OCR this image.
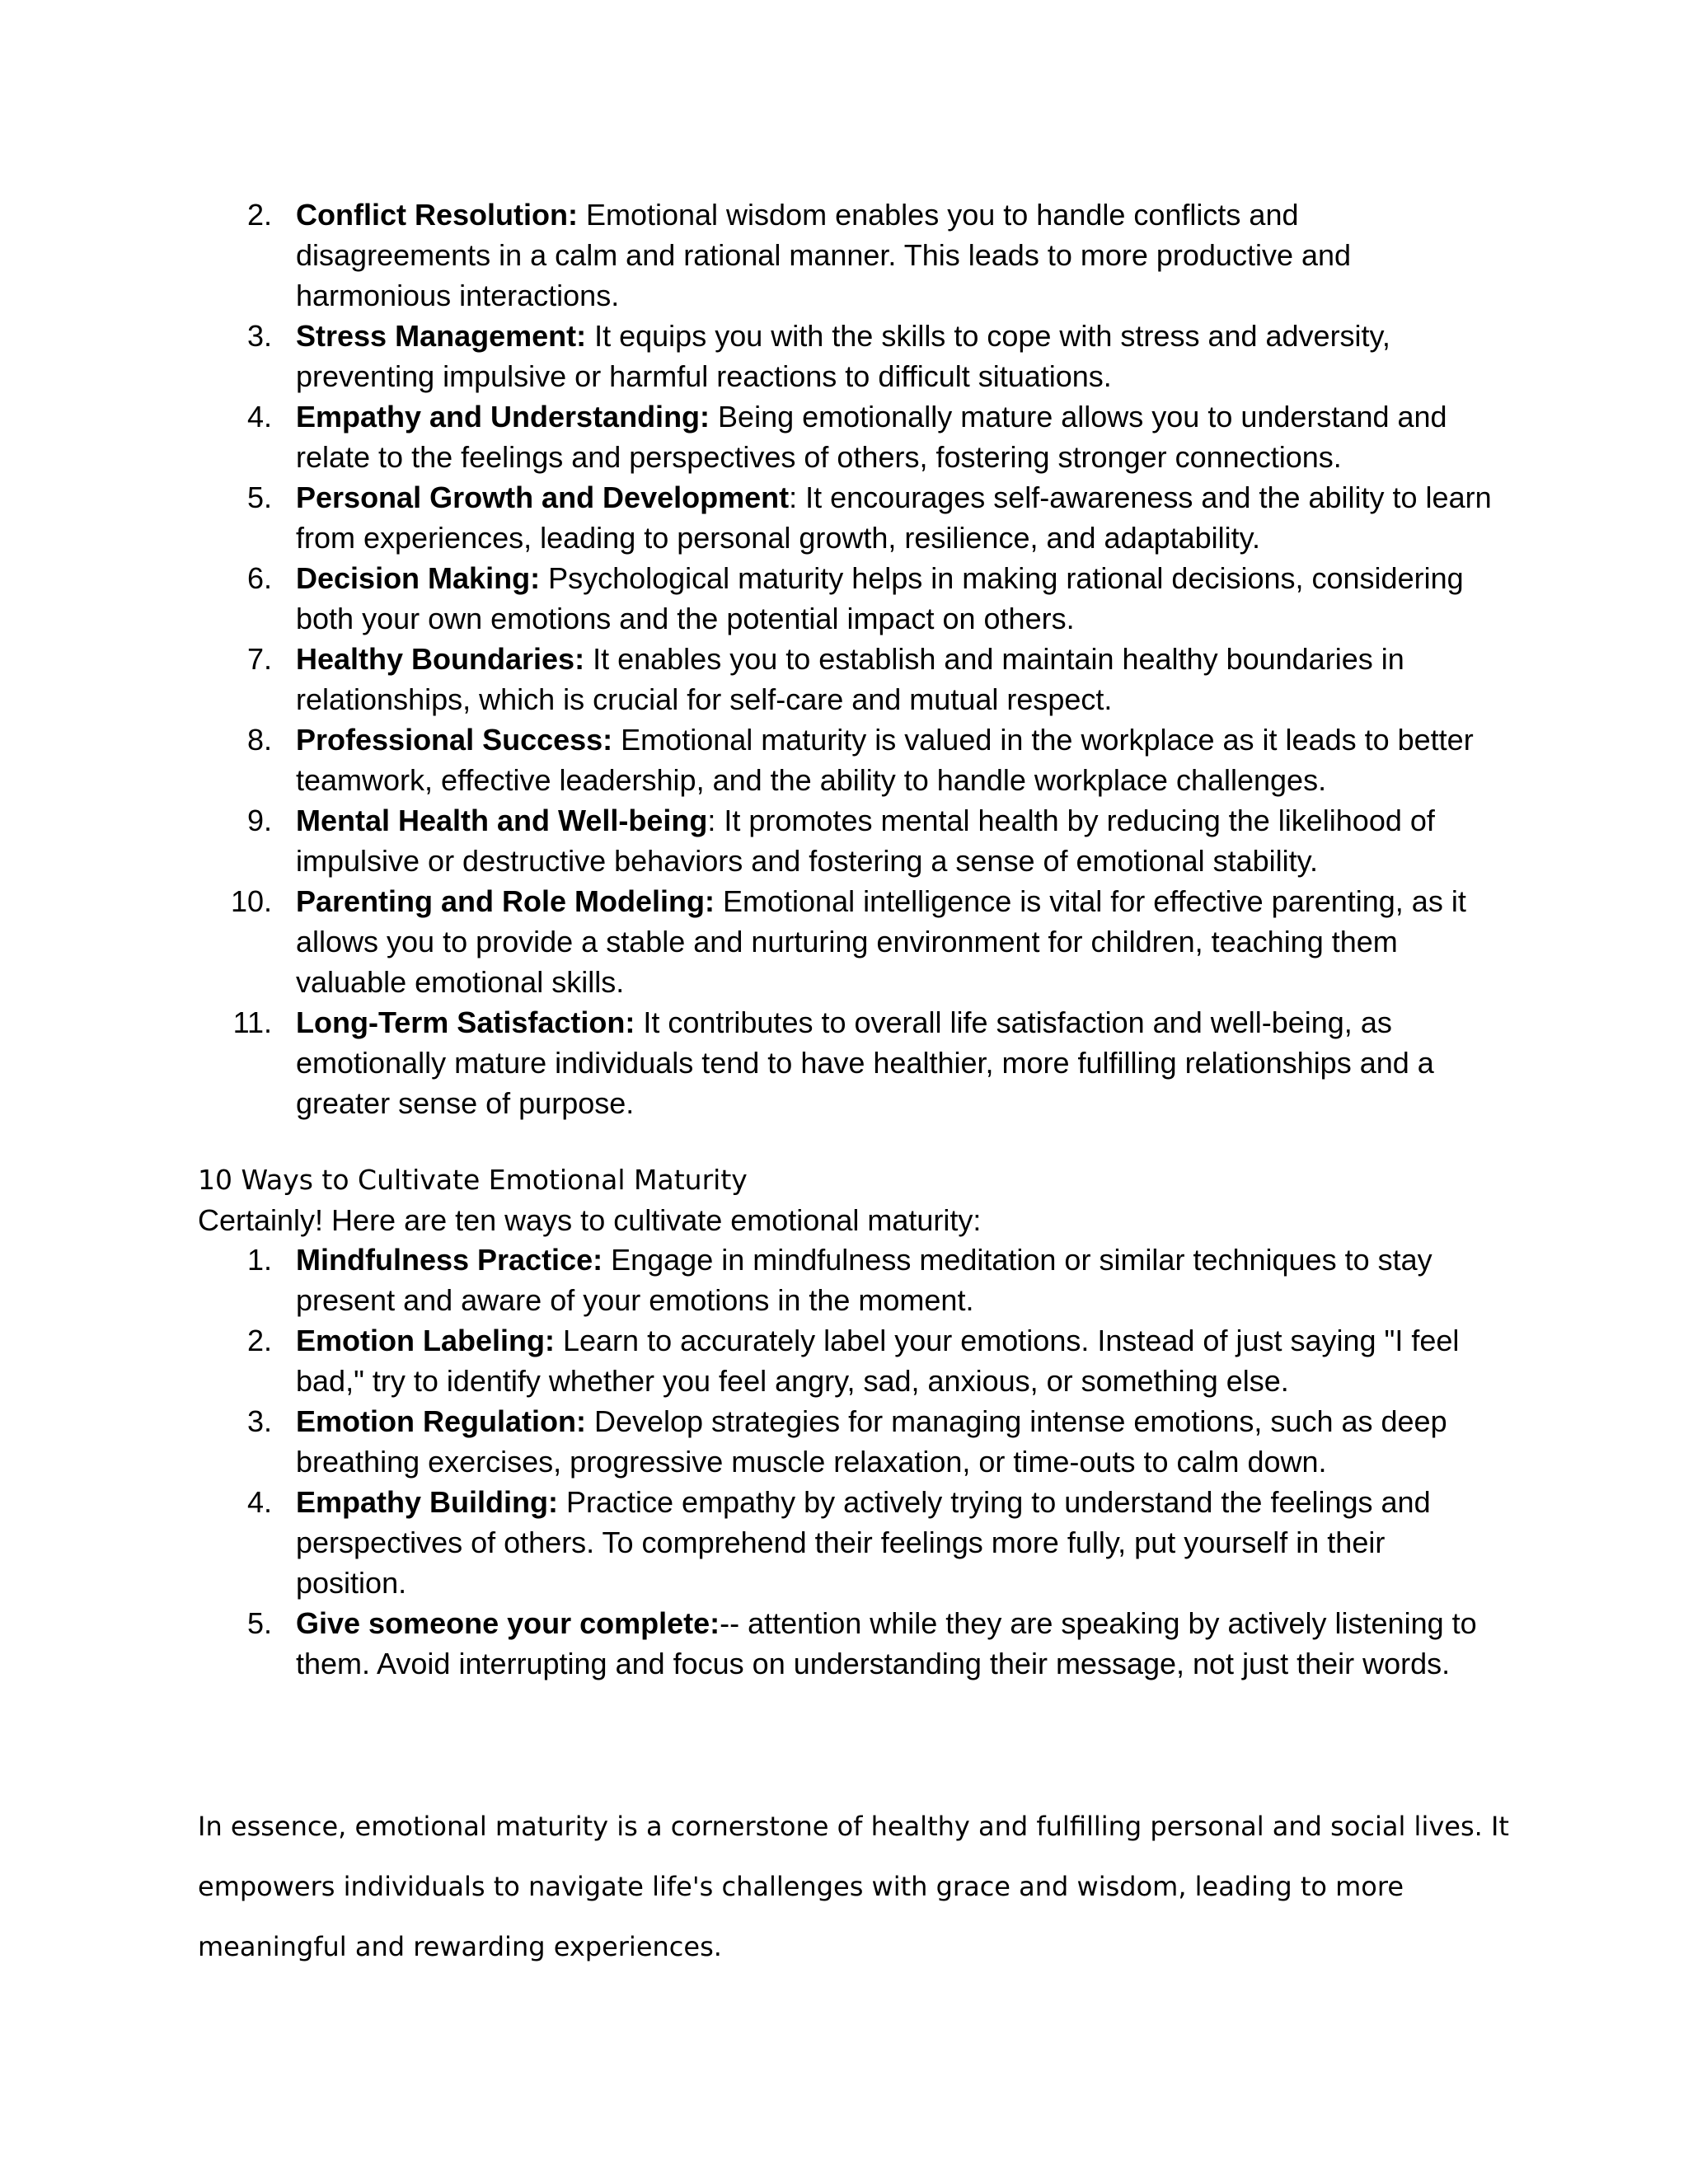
2. Conflict Resolution: Emotional wisdom enables you to handle conflicts and disagreements in a calm and rational manner. This leads to more productive and harmonious interactions.
3. Stress Management: It equips you with the skills to cope with stress and adversity, preventing impulsive or harmful reactions to difficult situations.
4. Empathy and Understanding: Being emotionally mature allows you to understand and relate to the feelings and perspectives of others, fostering stronger connections.
5. Personal Growth and Development: It encourages self-awareness and the ability to learn from experiences, leading to personal growth, resilience, and adaptability.
6. Decision Making: Psychological maturity helps in making rational decisions, considering both your own emotions and the potential impact on others.
7. Healthy Boundaries: It enables you to establish and maintain healthy boundaries in relationships, which is crucial for self-care and mutual respect.
8. Professional Success: Emotional maturity is valued in the workplace as it leads to better teamwork, effective leadership, and the ability to handle workplace challenges.
9. Mental Health and Well-being: It promotes mental health by reducing the likelihood of impulsive or destructive behaviors and fostering a sense of emotional stability.
10. Parenting and Role Modeling: Emotional intelligence is vital for effective parenting, as it allows you to provide a stable and nurturing environment for children, teaching them valuable emotional skills.
11. Long-Term Satisfaction: It contributes to overall life satisfaction and well-being, as emotionally mature individuals tend to have healthier, more fulfilling relationships and a greater sense of purpose.
10 Ways to Cultivate Emotional Maturity

Certainly! Here are ten ways to cultivate emotional maturity:

1. Mindfulness Practice: Engage in mindfulness meditation or similar techniques to stay present and aware of your emotions in the moment.
2. Emotion Labeling: Learn to accurately label your emotions. Instead of just saying "I feel bad," try to identify whether you feel angry, sad, anxious, or something else.
3. Emotion Regulation: Develop strategies for managing intense emotions, such as deep breathing exercises, progressive muscle relaxation, or time-outs to calm down.
4. Empathy Building: Practice empathy by actively trying to understand the feelings and perspectives of others. To comprehend their feelings more fully, put yourself in their position.
5. Give someone your complete:-- attention while they are speaking by actively listening to them. Avoid interrupting and focus on understanding their message, not just their words.

In essence, emotional maturity is a cornerstone of healthy and fulfilling personal and social lives. It empowers individuals to navigate life's challenges with grace and wisdom, leading to more meaningful and rewarding experiences.
